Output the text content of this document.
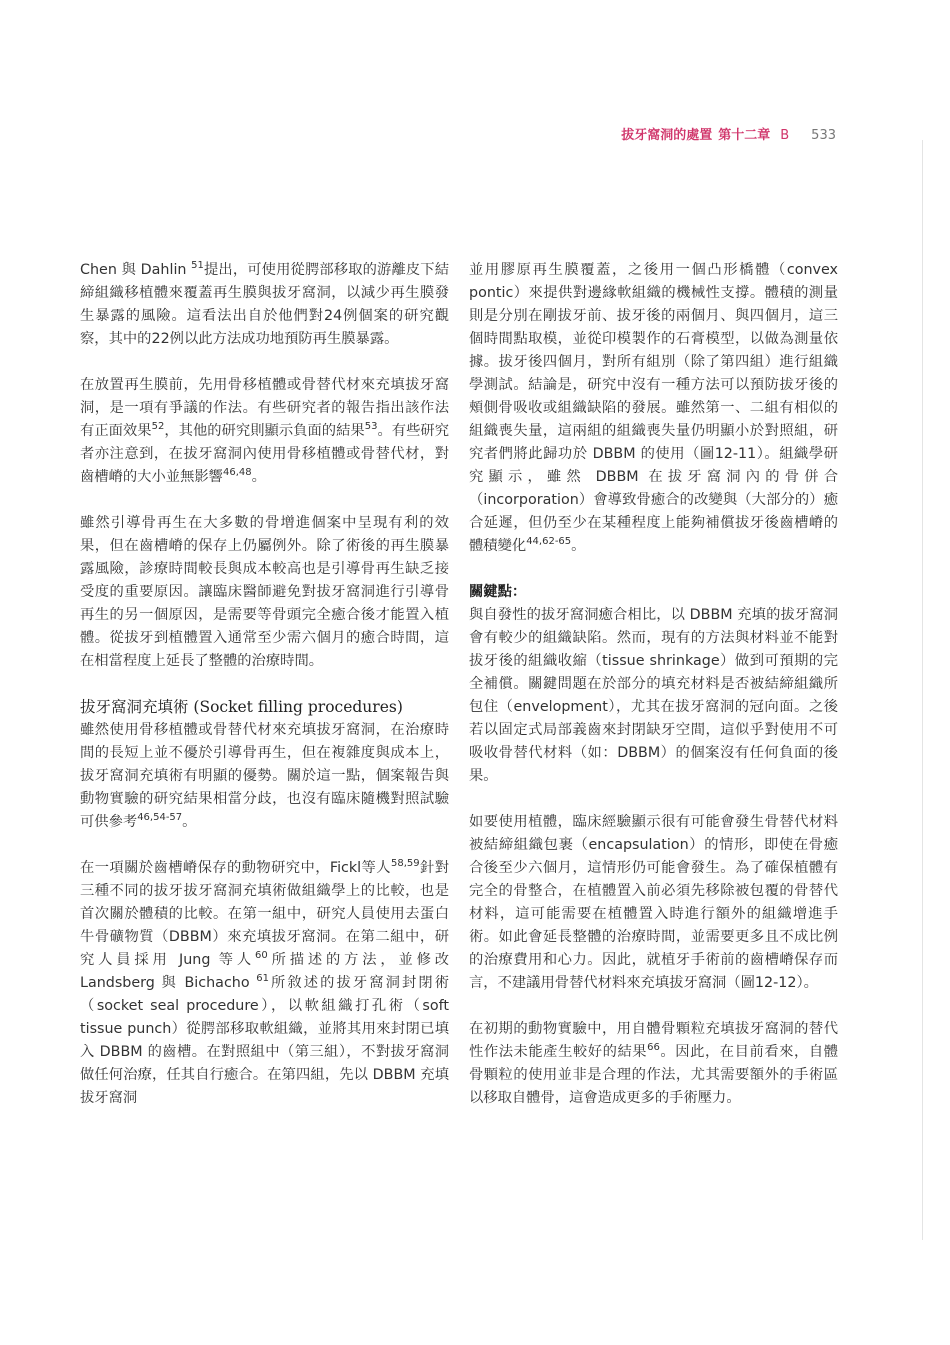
拔牙窩洞的處置 第十二章 B 533

Chen 與 Dahlin $^{51}$提出，可使用從腭部移取的游離皮下結締組織移植體來覆蓋再生膜與拔牙窩洞，以減少再生膜發生暴露的風險。這看法出自於他們對24例個案的研究觀察，其中的22例以此方法成功地預防再生膜暴露。

在放置再生膜前，先用骨移植體或骨替代材來充填拔牙窩洞，是一項有爭議的作法。有些研究者的報告指出該作法有正面效果$^{52}$，其他的研究則顯示負面的結果$^{53}$。有些研究者亦注意到，在拔牙窩洞內使用骨移植體或骨替代材，對齒槽嵴的大小並無影響$^{46,48}$。

雖然引導骨再生在大多數的骨增進個案中呈現有利的效果，但在齒槽嵴的保存上仍屬例外。除了術後的再生膜暴露風險，診療時間較長與成本較高也是引導骨再生缺乏接受度的重要原因。讓臨床醫師避免對拔牙窩洞進行引導骨再生的另一個原因，是需要等骨頭完全癒合後才能置入植體。從拔牙到植體置入通常至少需六個月的癒合時間，這在相當程度上延長了整體的治療時間。

拔牙窩洞充填術 (Socket filling procedures)

雖然使用骨移植體或骨替代材來充填拔牙窩洞，在治療時間的長短上並不優於引導骨再生，但在複雜度與成本上，拔牙窩洞充填術有明顯的優勢。關於這一點，個案報告與動物實驗的研究結果相當分歧，也沒有臨床隨機對照試驗可供參考$^{46,54-57}$。

在一項關於齒槽嵴保存的動物研究中，Fickl等人$^{58,59}$針對三種不同的拔牙拔牙窩洞充填術做組織學上的比較，也是首次關於體積的比較。在第一組中，研究人員使用去蛋白牛骨礦物質（DBBM）來充填拔牙窩洞。在第二組中，研究人員採用 Jung 等人$^{60}$所描述的方法，並修改 Landsberg 與 Bichacho $^{61}$所敘述的拔牙窩洞封閉術（socket seal procedure），以軟組織打孔術（soft tissue punch）從腭部移取軟組織，並將其用來封閉已填入 DBBM 的齒槽。在對照組中（第三組），不對拔牙窩洞做任何治療，任其自行癒合。在第四組，先以 DBBM 充填拔牙窩洞

並用膠原再生膜覆蓋，之後用一個凸形橋體（convex pontic）來提供對邊緣軟組織的機械性支撐。體積的測量則是分別在剛拔牙前、拔牙後的兩個月、與四個月，這三個時間點取模，並從印模製作的石膏模型，以做為測量依據。拔牙後四個月，對所有組別（除了第四組）進行組織學測試。結論是，研究中沒有一種方法可以預防拔牙後的頰側骨吸收或組織缺陷的發展。雖然第一、二組有相似的組織喪失量，這兩組的組織喪失量仍明顯小於對照組，研究者們將此歸功於 DBBM 的使用（圖12-11）。組織學研究顯示，雖然 DBBM 在拔牙窩洞內的骨併合（incorporation）會導致骨癒合的改變與（大部分的）癒合延遲，但仍至少在某種程度上能夠補償拔牙後齒槽嵴的體積變化$^{44,62-65}$。

關鍵點：

與自發性的拔牙窩洞癒合相比，以 DBBM 充填的拔牙窩洞會有較少的組織缺陷。然而，現有的方法與材料並不能對拔牙後的組織收縮（tissue shrinkage）做到可預期的完全補償。關鍵問題在於部分的填充材料是否被結締組織所包住（envelopment），尤其在拔牙窩洞的冠向面。之後若以固定式局部義齒來封閉缺牙空間，這似乎對使用不可吸收骨替代材料（如：DBBM）的個案沒有任何負面的後果。

如要使用植體，臨床經驗顯示很有可能會發生骨替代材料被結締組織包裹（encapsulation）的情形，即使在骨癒合後至少六個月，這情形仍可能會發生。為了確保植體有完全的骨整合，在植體置入前必須先移除被包覆的骨替代材料，這可能需要在植體置入時進行額外的組織增進手術。如此會延長整體的治療時間，並需要更多且不成比例的治療費用和心力。因此，就植牙手術前的齒槽嵴保存而言，不建議用骨替代材料來充填拔牙窩洞（圖12-12）。

在初期的動物實驗中，用自體骨顆粒充填拔牙窩洞的替代性作法未能產生較好的結果$^{66}$。因此，在目前看來，自體骨顆粒的使用並非是合理的作法，尤其需要額外的手術區以移取自體骨，這會造成更多的手術壓力。
